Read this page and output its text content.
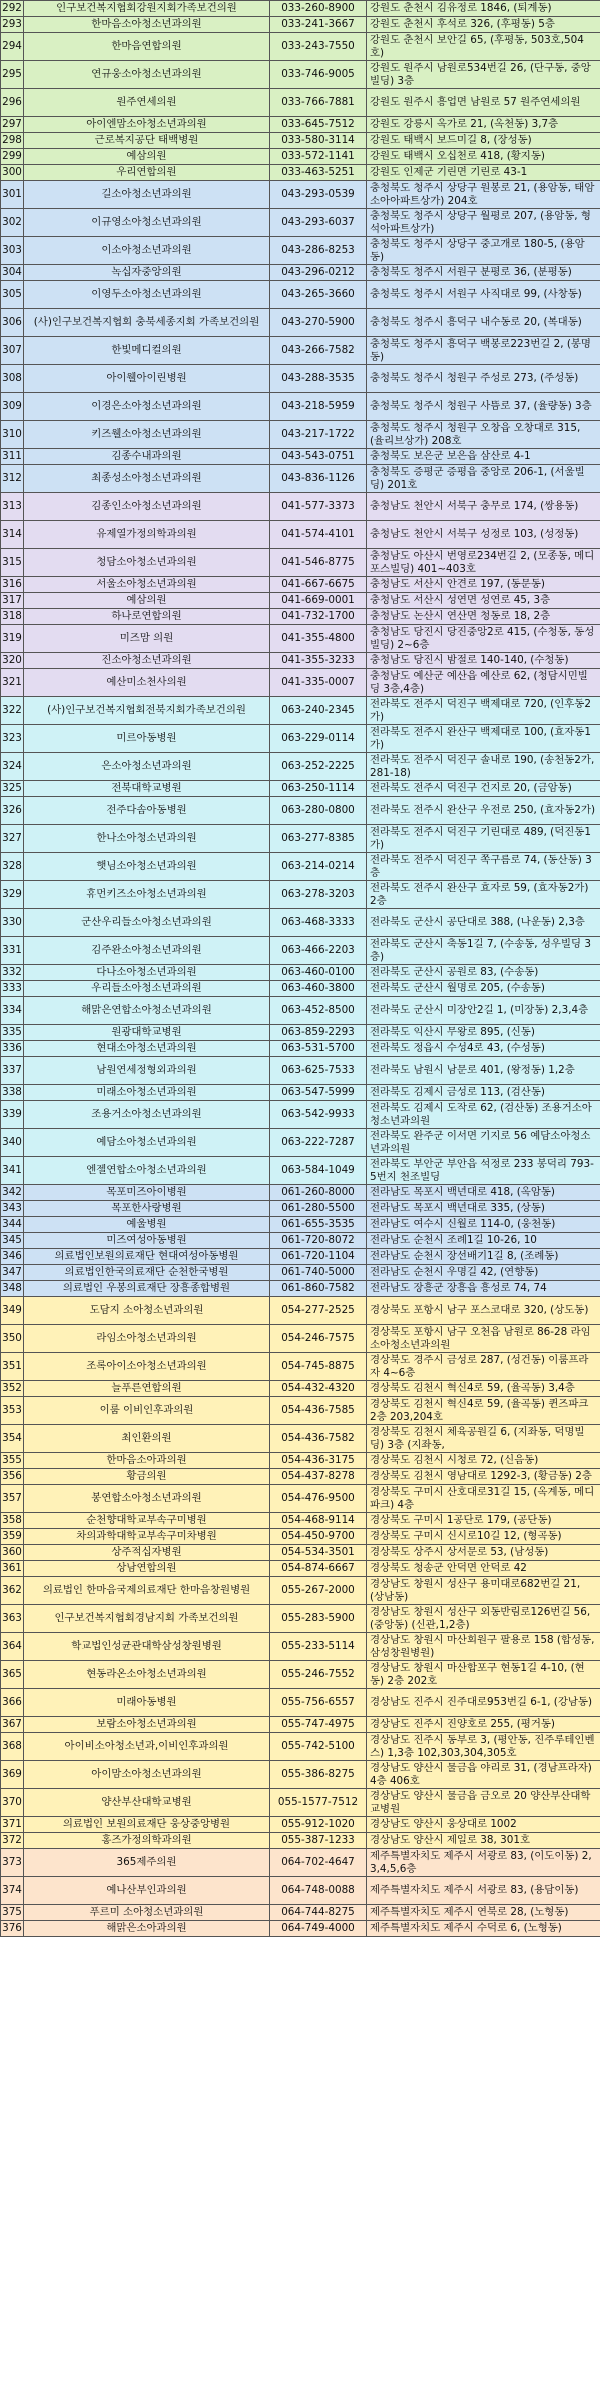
292	인구보건복지협회강원지회가족보건의원	033-260-8900	강원도 춘천시 김유정로 1846, (퇴계동)
293	한마음소아청소년과의원	033-241-3667	강원도 춘천시 후석로 326, (후평동) 5층
294	한마음연합의원	033-243-7550	강원도 춘천시 보안길 65, (후평동, 503호,504호)
295	연규웅소아청소년과의원	033-746-9005	강원도 원주시 남원로534번길 26, (단구동, 중앙빌딩) 3층
296	원주연세의원	033-766-7881	강원도 원주시 흥업면 남원로 57 원주연세의원
297	아이엔맘소아청소년과의원	033-645-7512	강원도 강릉시 옥가로 21, (옥천동) 3,7층
298	근로복지공단 태백병원	033-580-3114	강원도 태백시 보드미길 8, (장성동)
299	예삼의원	033-572-1141	강원도 태백시 오십천로 418, (황지동)
300	우리연합의원	033-463-5251	강원도 인제군 기린면 기린로 43-1
301	길소아청소년과의원	043-293-0539	충청북도 청주시 상당구 원봉로 21, (용암동, 태암소아아파트상가) 204호
302	이규영소아청소년과의원	043-293-6037	충청북도 청주시 상당구 월평로 207, (용암동, 형석아파트상가)
303	이소아청소년과의원	043-286-8253	충청북도 청주시 상당구 중고개로 180-5, (용암동)
304	녹십자중앙의원	043-296-0212	충청북도 청주시 서원구 분평로 36, (분평동)
305	이영두소아청소년과의원	043-265-3660	충청북도 청주시 서원구 사직대로 99, (사창동)
306	(사)인구보건복지협회 충북세종지회 가족보건의원	043-270-5900	충청북도 청주시 흥덕구 내수동로 20, (복대동)
307	한빛메디컬의원	043-266-7582	충청북도 청주시 흥덕구 백봉로223번길 2, (봉명동)
308	아이웰아이린병원	043-288-3535	충청북도 청주시 청원구 주성로 273, (주성동)
309	이경은소아청소년과의원	043-218-5959	충청북도 청주시 청원구 사뜸로 37, (율량동) 3층
310	키즈웰소아청소년과의원	043-217-1722	충청북도 청주시 청원구 오창읍 오창대로 315, (율리브상가) 208호
311	김종수내과의원	043-543-0751	충청북도 보은군 보은읍 삼산로 4-1
312	최종성소아청소년과의원	043-836-1126	충청북도 증평군 증평읍 중앙로 206-1, (서울빌딩) 201호
313	김종인소아청소년과의원	041-577-3373	충청남도 천안시 서북구 충무로 174, (쌍용동)
314	유제열가정의학과의원	041-574-4101	충청남도 천안시 서북구 성정로 103, (성정동)
315	청담소아청소년과의원	041-546-8775	충청남도 아산시 번영로234번길 2, (모종동, 메디포스빌딩) 401~403호
316	서울소아청소년과의원	041-667-6675	충청남도 서산시 안견로 197, (동문동)
317	예삼의원	041-669-0001	충청남도 서산시 성연면 성연로 45, 3층
318	하나로연합의원	041-732-1700	충청남도 논산시 연산면 청동로 18, 2층
319	미즈맘 의원	041-355-4800	충청남도 당진시 당진중앙2로 415, (수청동, 동성빌딩) 2~6층
320	진소아청소년과의원	041-355-3233	충청남도 당진시 밤절로 140-140, (수청동)
321	예산미소천사의원	041-335-0007	충청남도 예산군 예산읍 예산로 62, (청담시민빌딩 3층,4층)
322	(사)인구보건복지협회전북지회가족보건의원	063-240-2345	전라북도 전주시 덕진구 백제대로 720, (인후동2가)
323	미르아동병원	063-229-0114	전라북도 전주시 완산구 백제대로 100, (효자동1가)
324	은소아청소년과의원	063-252-2225	전라북도 전주시 덕진구 솔내로 190, (송천동2가, 281-18)
325	전북대학교병원	063-250-1114	전라북도 전주시 덕진구 건지로 20, (금암동)
326	전주다솜아동병원	063-280-0800	전라북도 전주시 완산구 우전로 250, (효자동2가)
327	한나소아청소년과의원	063-277-8385	전라북도 전주시 덕진구 기린대로 489, (덕진동1가)
328	햇님소아청소년과의원	063-214-0214	전라북도 전주시 덕진구 쪽구름로 74, (동산동) 3층
329	휴먼키즈소아청소년과의원	063-278-3203	전라북도 전주시 완산구 효자로 59, (효자동2가) 2층
330	군산우리들소아청소년과의원	063-468-3333	전라북도 군산시 공단대로 388, (나운동) 2,3층
331	김주완소아청소년과의원	063-466-2203	전라북도 군산시 축동1길 7, (수송동, 성우빌딩 3층)
332	다나소아청소년과의원	063-460-0100	전라북도 군산시 공원로 83, (수송동)
333	우리들소아청소년과의원	063-460-3800	전라북도 군산시 월명로 205, (수송동)
334	해맑은연합소아청소년과의원	063-452-8500	전라북도 군산시 미장안2길 1, (미장동) 2,3,4층
335	원광대학교병원	063-859-2293	전라북도 익산시 무왕로 895, (신동)
336	현대소아청소년과의원	063-531-5700	전라북도 정읍시 수성4로 43, (수성동)
337	남원연세정형외과의원	063-625-7533	전라북도 남원시 남문로 401, (왕정동) 1,2층
338	미래소아청소년과의원	063-547-5999	전라북도 김제시 금성로 113, (검산동)
339	조용거소아청소년과의원	063-542-9933	전라북도 김제시 도작로 62, (검산동) 조용거소아청소년과의원
340	예담소아청소년과의원	063-222-7287	전라북도 완주군 이서면 기지로 56 예담소아청소년과의원
341	엔젤연합소아청소년과의원	063-584-1049	전라북도 부안군 부안읍 석정로 233 봉덕리 793-5번지 천조빌딩
342	목포미즈아이병원	061-260-8000	전라남도 목포시 백년대로 418, (옥암동)
343	목포한사랑병원	061-280-5500	전라남도 목포시 백년대로 335, (상동)
344	예울병원	061-655-3535	전라남도 여수시 신월로 114-0, (웅천동)
345	미즈여성아동병원	061-720-8072	전라남도 순천시 조례1길 10-26, 10
346	의료법인보원의료재단 현대여성아동병원	061-720-1104	전라남도 순천시 장선배기1길 8, (조례동)
347	의료법인한국의료재단 순천한국병원	061-740-5000	전라남도 순천시 우명길 42, (연향동)
348	의료법인 우봉의료재단 장흥종합병원	061-860-7582	전라남도 장흥군 장흥읍 흥성로 74, 74
349	도담지 소아청소년과의원	054-277-2525	경상북도 포항시 남구 포스코대로 320, (상도동)
350	라임소아청소년과의원	054-246-7575	경상북도 포항시 남구 오천읍 남원로 86-28 라임소아청소년과의원
351	조록아이소아청소년과의원	054-745-8875	경상북도 경주시 금성로 287, (성건동) 이룸프라자 4~6층
352	늘푸른연합의원	054-432-4320	경상북도 김천시 혁신4로 59, (율곡동) 3,4층
353	이룸 이비인후과의원	054-436-7585	경상북도 김천시 혁신4로 59, (율곡동) 퀸즈파크 2층 203,204호
354	최인환의원	054-436-7582	경상북도 김천시 체육공원길 6, (지좌동, 덕명빌딩) 3층 (지좌동,
355	한마음소아과의원	054-436-3175	경상북도 김천시 시청로 72, (신음동)
356	황금의원	054-437-8278	경상북도 김천시 영남대로 1292-3, (황금동) 2층
357	봉연합소아청소년과의원	054-476-9500	경상북도 구미시 산호대로31길 15, (옥계동, 메디파크) 4층
358	순천향대학교부속구미병원	054-468-9114	경상북도 구미시 1공단로 179, (공단동)
359	차의과학대학교부속구미차병원	054-450-9700	경상북도 구미시 신시로10길 12, (형곡동)
360	상주적십자병원	054-534-3501	경상북도 상주시 상서문로 53, (남성동)
361	상남연합의원	054-874-6667	경상북도 청송군 안덕면 안덕로 42
362	의료법인 한마음국제의료재단 한마음창원병원	055-267-2000	경상남도 창원시 성산구 용미대로682번길 21, (상남동)
363	인구보건복지협회경남지회 가족보건의원	055-283-5900	경상남도 창원시 성산구 외동반림로126번길 56, (중앙동) (신관,1,2층)
364	학교법인성균관대학삼성창원병원	055-233-5114	경상남도 창원시 마산회원구 팔용로 158 (합성동, 삼성창원병원)
365	현동라온소아청소년과의원	055-246-7552	경상남도 창원시 마산합포구 현동1길 4-10, (현동) 2층 202호
366	미래아동병원	055-756-6557	경상남도 진주시 진주대로953번길 6-1, (강남동)
367	보람소아청소년과의원	055-747-4975	경상남도 진주시 진양호로 255, (평거동)
368	아이비소아청소년과,이비인후과의원	055-742-5100	경상남도 진주시 동부로 3, (평안동, 진주루테인벤스) 1,3층 102,303,304,305호
369	아이맘소아청소년과의원	055-386-8275	경상남도 양산시 물금읍 야리로 31, (경남프라자) 4층 406호
370	양산부산대학교병원	055-1577-7512	경상남도 양산시 물금읍 금오로 20 양산부산대학교병원
371	의료법인 보원의료재단 웅상중앙병원	055-912-1020	경상남도 양산시 웅상대로 1002
372	홍즈가정의학과의원	055-387-1233	경상남도 양산시 제일로 38, 301호
373	365제주의원	064-702-4647	제주특별자치도 제주시 서광로 83, (이도이동) 2,3,4,5,6층
374	예나산부인과의원	064-748-0088	제주특별자치도 제주시 서광로 83, (용담이동)
375	푸르미 소아청소년과의원	064-744-8275	제주특별자치도 제주시 연북로 28, (노형동)
376	해맑은소아과의원	064-749-4000	제주특별자치도 제주시 수덕로 6, (노형동)
